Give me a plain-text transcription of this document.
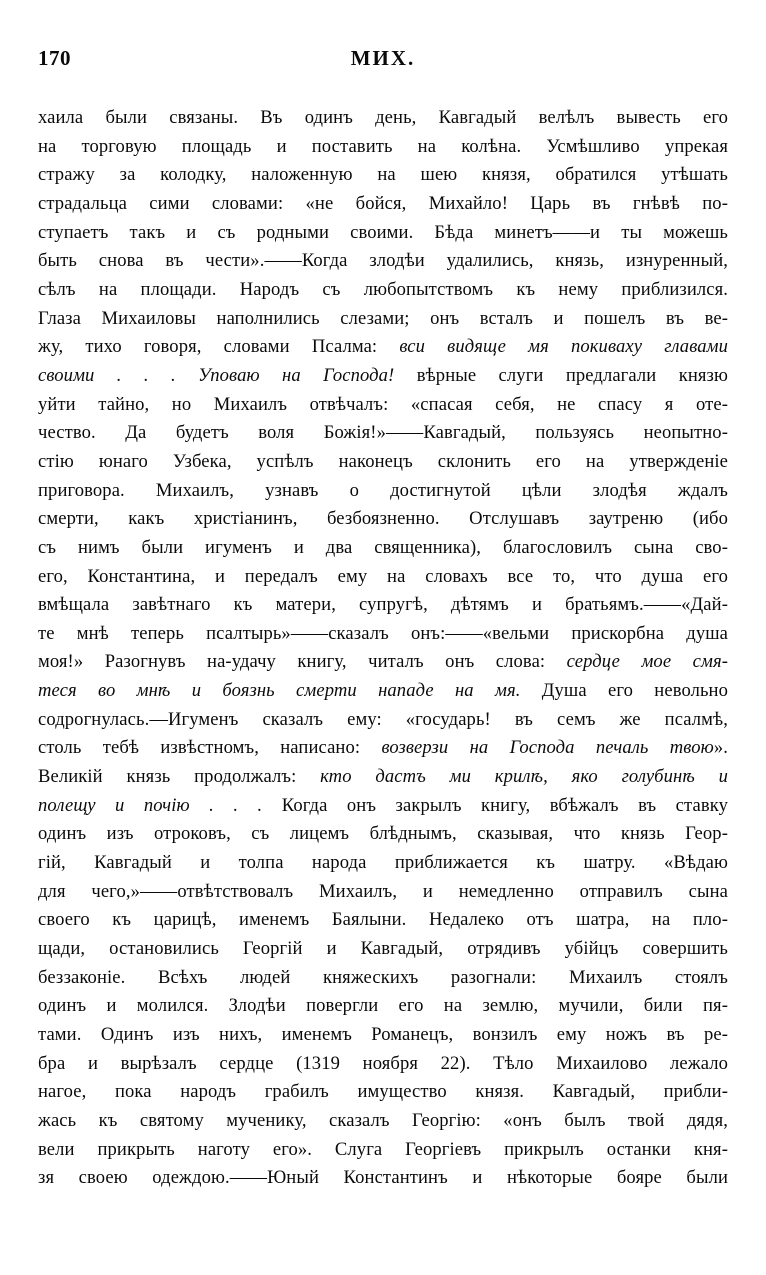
170	МИХ.

хаила были связаны. Въ одинъ день, Кавгадый велѣлъ вывесть его
на торговую площадь и поставить на колѣна. Усмѣшливо упрекая
стражу за колодку, наложенную на шею князя, обратился утѣшать
страдальца сими словами: «не бойся, Михайло! Царь въ гнѣвѣ по-
ступаетъ такъ и съ родными своими. Бѣда минетъ——и ты можешь
быть снова въ чести».——Когда злодѣи удалились, князь, изнуренный,
сѣлъ на площади. Народъ съ любопытствомъ къ нему приблизился.
Глаза Михаиловы наполнились слезами; онъ всталъ и пошелъ въ ве-
жу, тихо говоря, словами Псалма: вси видяще мя покиваху главами
своими . . . Уповаю на Господа! вѣрные слуги предлагали князю
уйти тайно, но Михаилъ отвѣчалъ: «спасая себя, не спасу я оте-
чество. Да будетъ воля Божія!»——Кавгадый, пользуясь неопытно-
стію юнаго Узбека, успѣлъ наконецъ склонить его на утвержденіе
приговора. Михаилъ, узнавъ о достигнутой цѣли злодѣя ждалъ
смерти, какъ христіанинъ, безбоязненно. Отслушавъ заутреню (ибо
съ нимъ были игуменъ и два священника), благословилъ сына сво-
его, Константина, и передалъ ему на словахъ все то, что душа его
вмѣщала завѣтнаго къ матери, супругѣ, дѣтямъ и братьямъ.——«Дай-
те мнѣ теперь псалтырь»——сказалъ онъ:——«вельми прискорбна душа
моя!» Разогнувъ на-удачу книгу, читалъ онъ слова: сердце мое смя-
теся во мнѣ и боязнь смерти нападе на мя. Душа его невольно
содрогнулась.—Игуменъ сказалъ ему: «государь! въ семъ же псалмѣ,
столь тебѣ извѣстномъ, написано: возверзи на Господа печаль твою».
Великій князь продолжалъ: кто дастъ ми крилѣ, яко голубинѣ и
полещу и почію . . . Когда онъ закрылъ книгу, вбѣжалъ въ ставку
одинъ изъ отроковъ, съ лицемъ блѣднымъ, сказывая, что князь Геор-
гій, Кавгадый и толпа народа приближается къ шатру. «Вѣдаю
для чего,»——отвѣтствовалъ Михаилъ, и немедленно отправилъ сына
своего къ царицѣ, именемъ Баялыни. Недалеко отъ шатра, на пло-
щади, остановились Георгій и Кавгадый, отрядивъ убійцъ совершить
беззаконіе. Всѣхъ людей княжескихъ разогнали: Михаилъ стоялъ
одинъ и молился. Злодѣи повергли его на землю, мучили, били пя-
тами. Одинъ изъ нихъ, именемъ Романецъ, вонзилъ ему ножъ въ ре-
бра и вырѣзалъ сердце (1319 ноября 22). Тѣло Михаилово лежало
нагое, пока народъ грабилъ имущество князя. Кавгадый, прибли-
жась къ святому мученику, сказалъ Георгію: «онъ былъ твой дядя,
вели прикрыть наготу его». Слуга Георгіевъ прикрылъ останки кня-
зя своею одеждою.——Юный Константинъ и нѣкоторые бояре были
